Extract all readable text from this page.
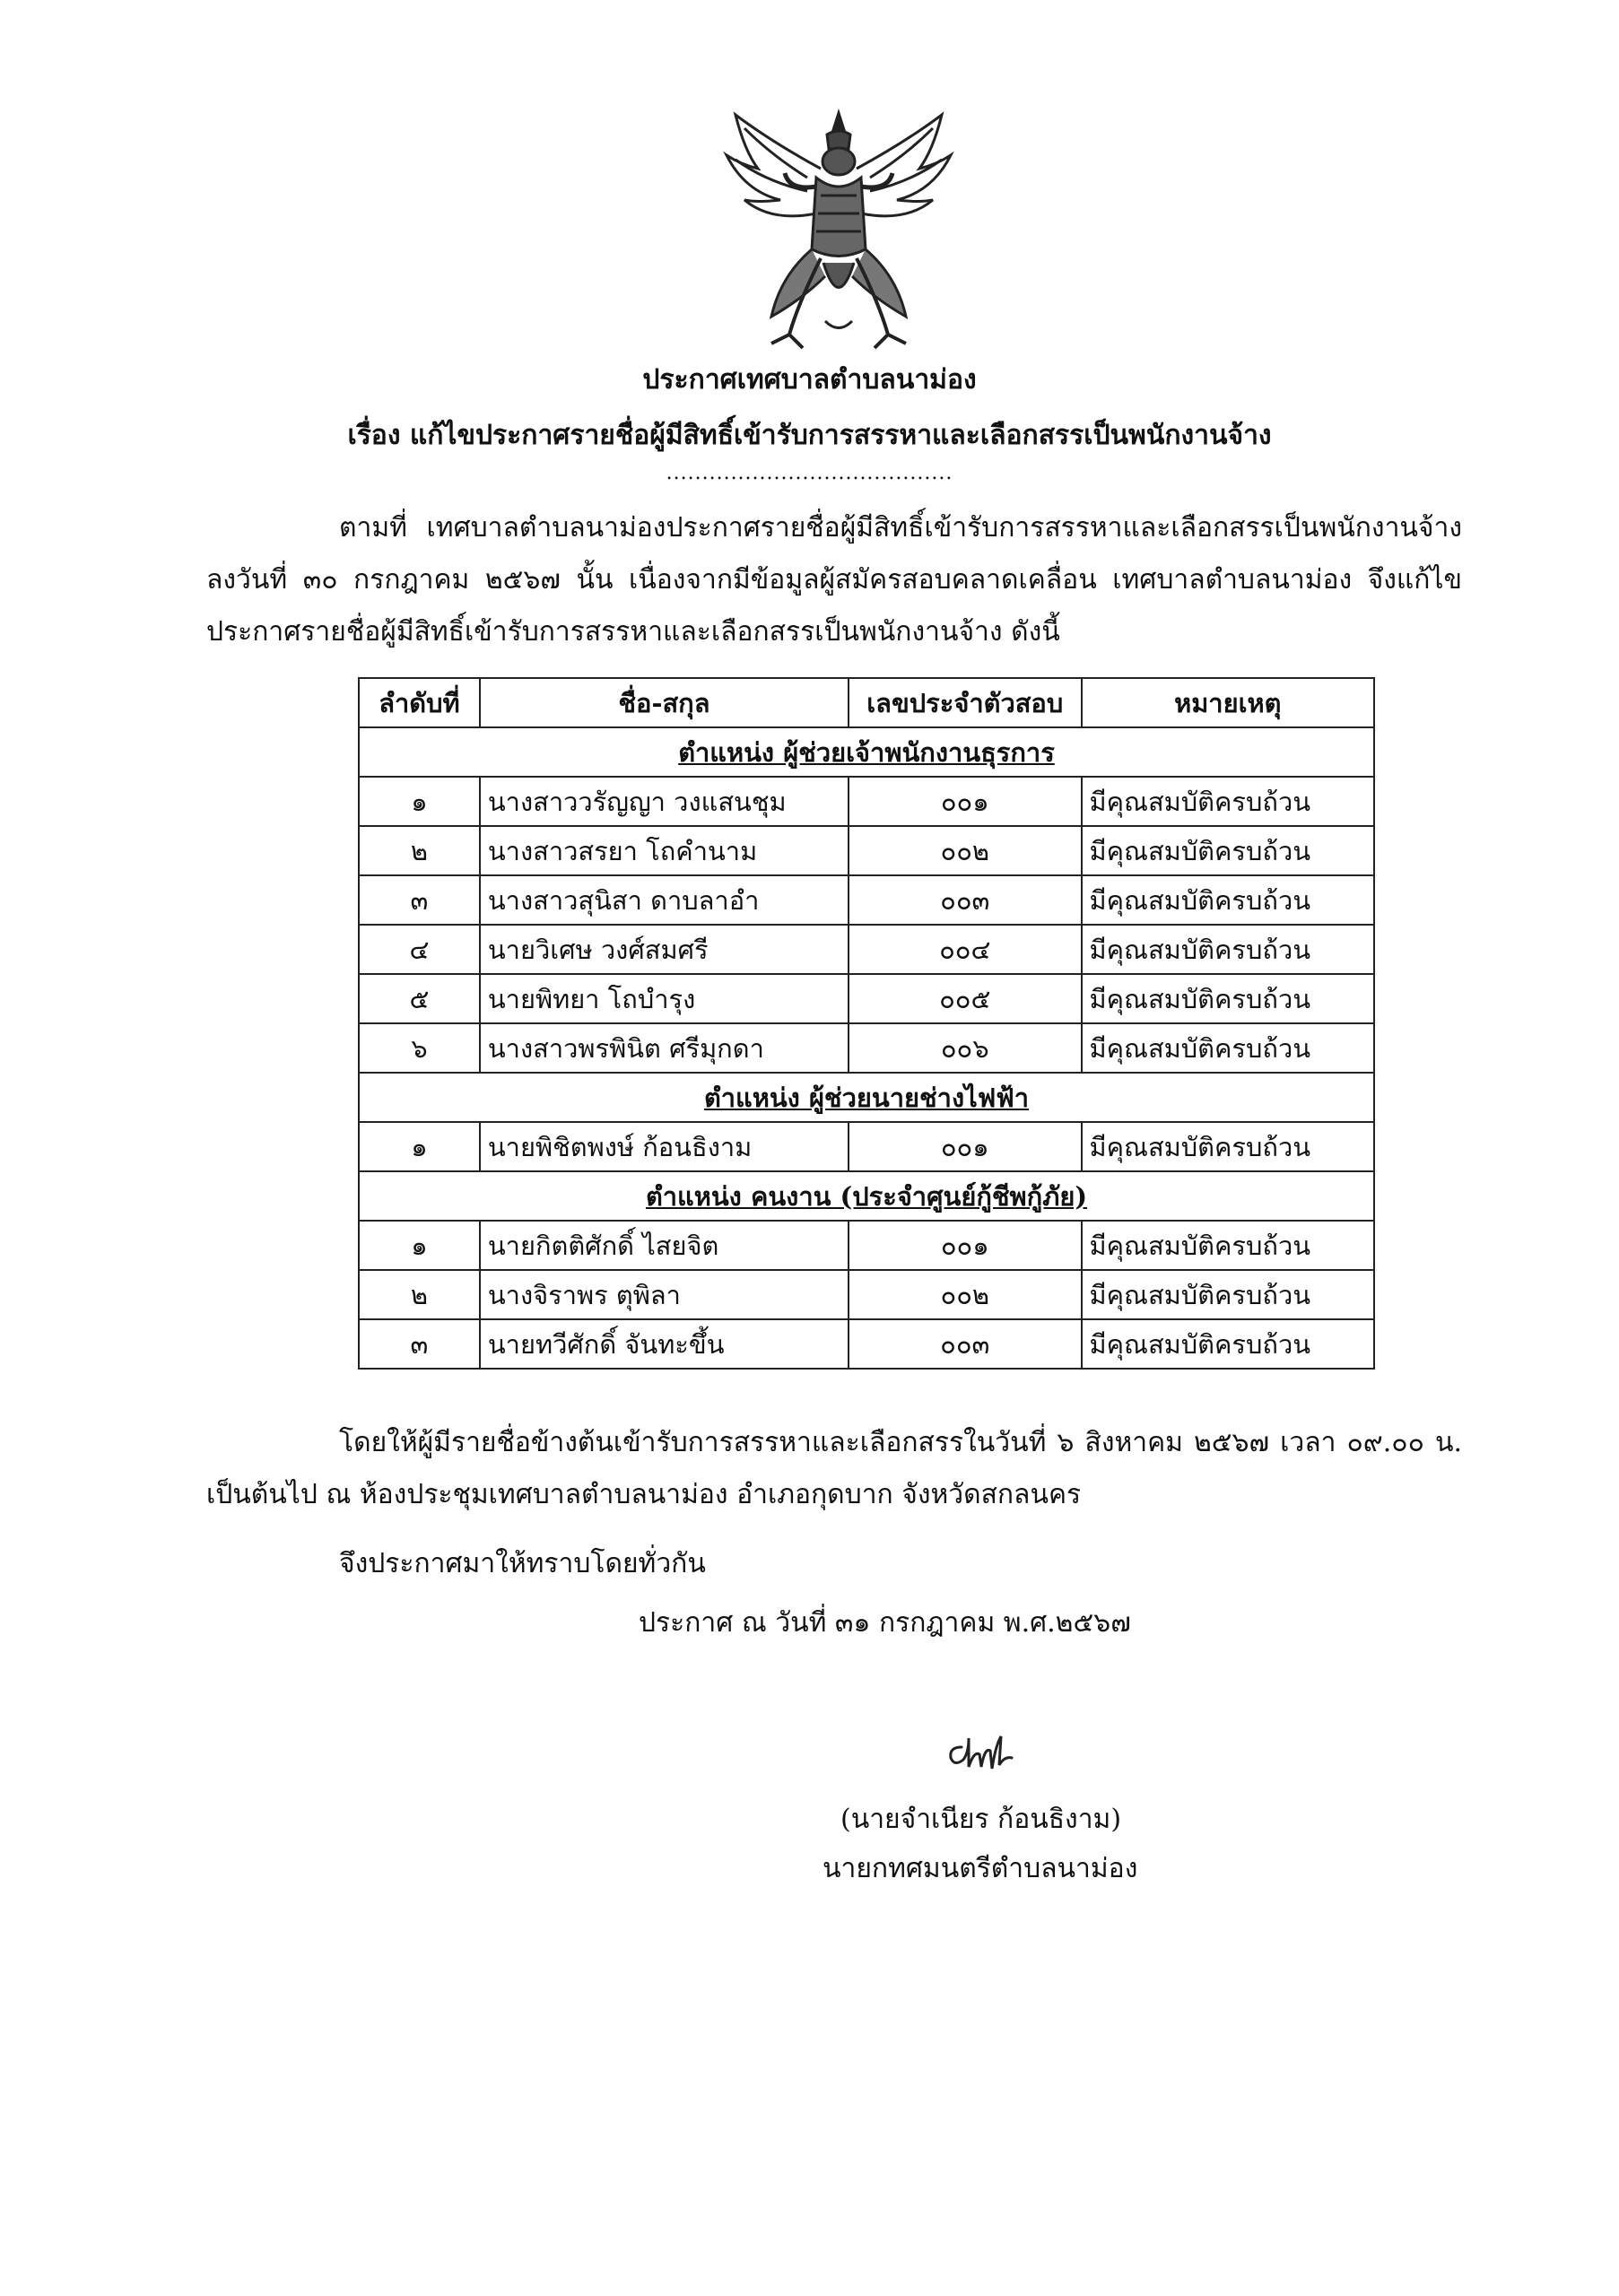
ประกาศเทศบาลตำบลนาม่อง
เรื่อง แก้ไขประกาศรายชื่อผู้มีสิทธิ์เข้ารับการสรรหาและเลือกสรรเป็นพนักงานจ้าง
........................................
ตามที่ เทศบาลตำบลนาม่องประกาศรายชื่อผู้มีสิทธิ์เข้ารับการสรรหาและเลือกสรรเป็นพนักงานจ้าง ลงวันที่ ๓๐ กรกฎาคม ๒๕๖๗ นั้น เนื่องจากมีข้อมูลผู้สมัครสอบคลาดเคลื่อน เทศบาลตำบลนาม่อง จึงแก้ไขประกาศรายชื่อผู้มีสิทธิ์เข้ารับการสรรหาและเลือกสรรเป็นพนักงานจ้าง ดังนี้
ลำดับที่	ชื่อ-สกุล	เลขประจำตัวสอบ	หมายเหตุ
ตำแหน่ง ผู้ช่วยเจ้าพนักงานธุรการ			
๑	นางสาววรัญญา วงแสนชุม	๐๐๑	มีคุณสมบัติครบถ้วน
๒	นางสาวสรยา โถคำนาม	๐๐๒	มีคุณสมบัติครบถ้วน
๓	นางสาวสุนิสา ดาบลาอำ	๐๐๓	มีคุณสมบัติครบถ้วน
๔	นายวิเศษ วงศ์สมศรี	๐๐๔	มีคุณสมบัติครบถ้วน
๕	นายพิทยา โถบำรุง	๐๐๕	มีคุณสมบัติครบถ้วน
๖	นางสาวพรพินิต ศรีมุกดา	๐๐๖	มีคุณสมบัติครบถ้วน
ตำแหน่ง ผู้ช่วยนายช่างไฟฟ้า			
๑	นายพิชิตพงษ์ ก้อนธิงาม	๐๐๑	มีคุณสมบัติครบถ้วน
ตำแหน่ง คนงาน (ประจำศูนย์กู้ชีพกู้ภัย)			
๑	นายกิตติศักดิ์ ไสยจิต	๐๐๑	มีคุณสมบัติครบถ้วน
๒	นางจิราพร ตุพิลา	๐๐๒	มีคุณสมบัติครบถ้วน
๓	นายทวีศักดิ์ จันทะขึ้น	๐๐๓	มีคุณสมบัติครบถ้วน
โดยให้ผู้มีรายชื่อข้างต้นเข้ารับการสรรหาและเลือกสรรในวันที่ ๖ สิงหาคม ๒๕๖๗ เวลา ๐๙.๐๐ น. เป็นต้นไป ณ ห้องประชุมเทศบาลตำบลนาม่อง อำเภอกุดบาก จังหวัดสกลนคร
จึงประกาศมาให้ทราบโดยทั่วกัน
ประกาศ ณ วันที่ ๓๑ กรกฎาคม พ.ศ.๒๕๖๗
(นายจำเนียร ก้อนธิงาม)
นายกทศมนตรีตำบลนาม่อง
